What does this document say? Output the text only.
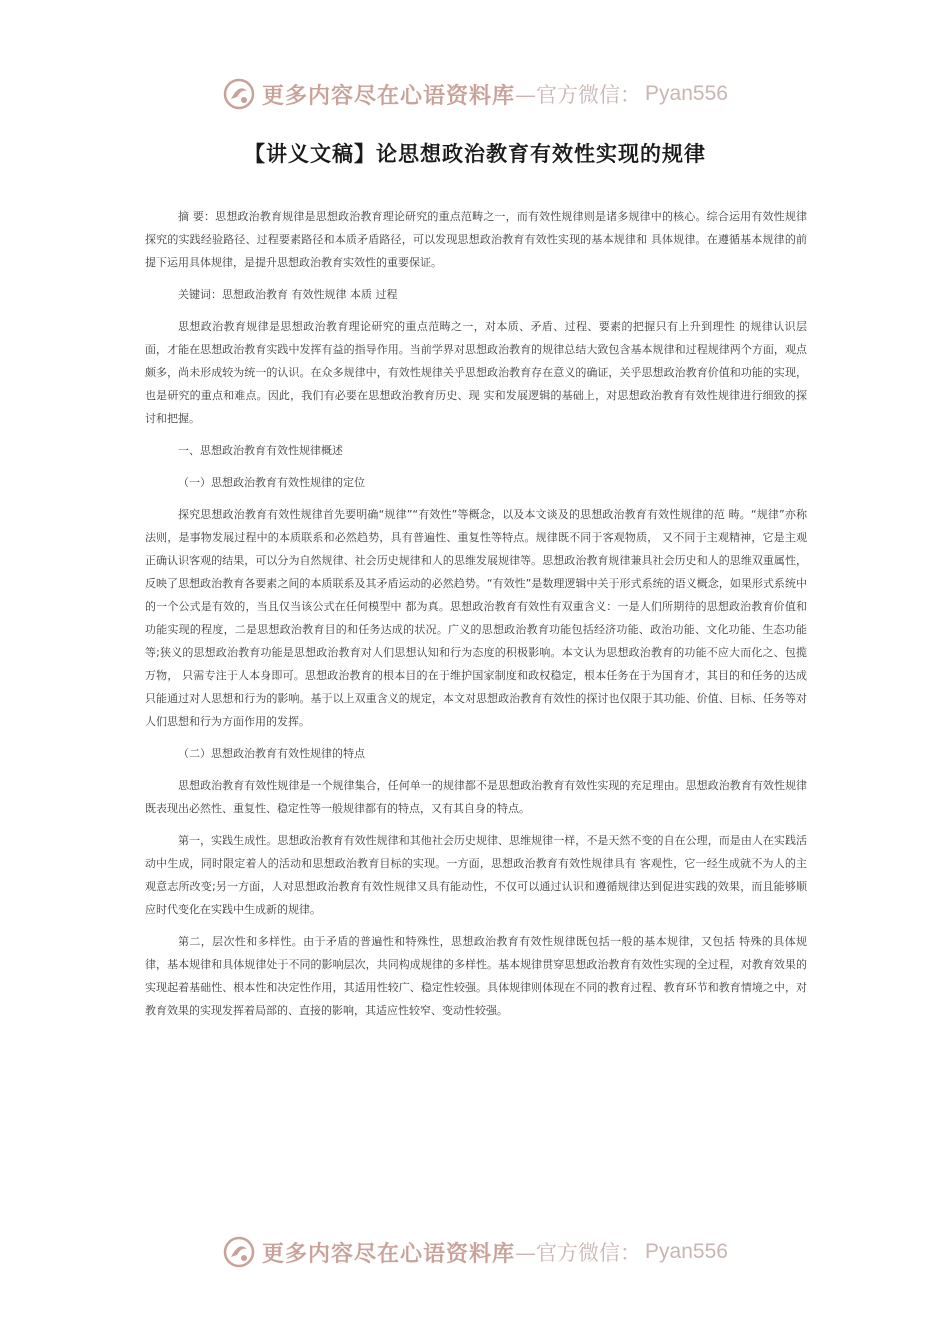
更多内容尽在心语资料库 —官方微信： Pyan556
【讲义文稿】论思想政治教育有效性实现的规律

摘 要：思想政治教育规律是思想政治教育理论研究的重点范畴之一，而有效性规律则是诸多规律中的核心。综合运用有效性规律探究的实践经验路径、过程要素路径和本质矛盾路径，可以发现思想政治教育有效性实现的基本规律和 具体规律。在遵循基本规律的前提下运用具体规律，是提升思想政治教育实效性的重要保证。

关键词：思想政治教育 有效性规律 本质 过程

思想政治教育规律是思想政治教育理论研究的重点范畴之一，对本质、矛盾、过程、要素的把握只有上升到理性 的规律认识层面，才能在思想政治教育实践中发挥有益的指导作用。当前学界对思想政治教育的规律总结大致包含基本规律和过程规律两个方面，观点颇多，尚未形成较为统一的认识。在众多规律中，有效性规律关乎思想政治教育存在意义的确证，关乎思想政治教育价值和功能的实现，也是研究的重点和难点。因此，我们有必要在思想政治教育历史、现 实和发展逻辑的基础上，对思想政治教育有效性规律进行细致的探讨和把握。

一、思想政治教育有效性规律概述

（一）思想政治教育有效性规律的定位

探究思想政治教育有效性规律首先要明确“规律”“有效性”等概念，以及本文谈及的思想政治教育有效性规律的范 畴。“规律”亦称法则，是事物发展过程中的本质联系和必然趋势，具有普遍性、重复性等特点。规律既不同于客观物质， 又不同于主观精神，它是主观正确认识客观的结果，可以分为自然规律、社会历史规律和人的思维发展规律等。思想政治教育规律兼具社会历史和人的思维双重属性，反映了思想政治教育各要素之间的本质联系及其矛盾运动的必然趋势。“有效性”是数理逻辑中关于形式系统的语义概念，如果形式系统中的一个公式是有效的，当且仅当该公式在任何模型中 都为真。思想政治教育有效性有双重含义：一是人们所期待的思想政治教育价值和功能实现的程度，二是思想政治教育目的和任务达成的状况。广义的思想政治教育功能包括经济功能、政治功能、文化功能、生态功能等;狭义的思想政治教育功能是思想政治教育对人们思想认知和行为态度的积极影响。本文认为思想政治教育的功能不应大而化之、包揽万物， 只需专注于人本身即可。思想政治教育的根本目的在于维护国家制度和政权稳定，根本任务在于为国育才，其目的和任务的达成只能通过对人思想和行为的影响。基于以上双重含义的规定，本文对思想政治教育有效性的探讨也仅限于其功能、价值、目标、任务等对人们思想和行为方面作用的发挥。

（二）思想政治教育有效性规律的特点

思想政治教育有效性规律是一个规律集合，任何单一的规律都不是思想政治教育有效性实现的充足理由。思想政治教育有效性规律既表现出必然性、重复性、稳定性等一般规律都有的特点，又有其自身的特点。

第一，实践生成性。思想政治教育有效性规律和其他社会历史规律、思维规律一样，不是天然不变的自在公理，而是由人在实践活动中生成，同时限定着人的活动和思想政治教育目标的实现。一方面，思想政治教育有效性规律具有 客观性，它一经生成就不为人的主观意志所改变;另一方面，人对思想政治教育有效性规律又具有能动性，不仅可以通过认识和遵循规律达到促进实践的效果，而且能够顺应时代变化在实践中生成新的规律。

第二，层次性和多样性。由于矛盾的普遍性和特殊性，思想政治教育有效性规律既包括一般的基本规律，又包括 特殊的具体规律，基本规律和具体规律处于不同的影响层次，共同构成规律的多样性。基本规律贯穿思想政治教育有效性实现的全过程，对教育效果的实现起着基础性、根本性和决定性作用，其适用性较广、稳定性较强。具体规律则体现在不同的教育过程、教育环节和教育情境之中，对教育效果的实现发挥着局部的、直接的影响，其适应性较窄、变动性较强。

更多内容尽在心语资料库 —官方微信： Pyan556
